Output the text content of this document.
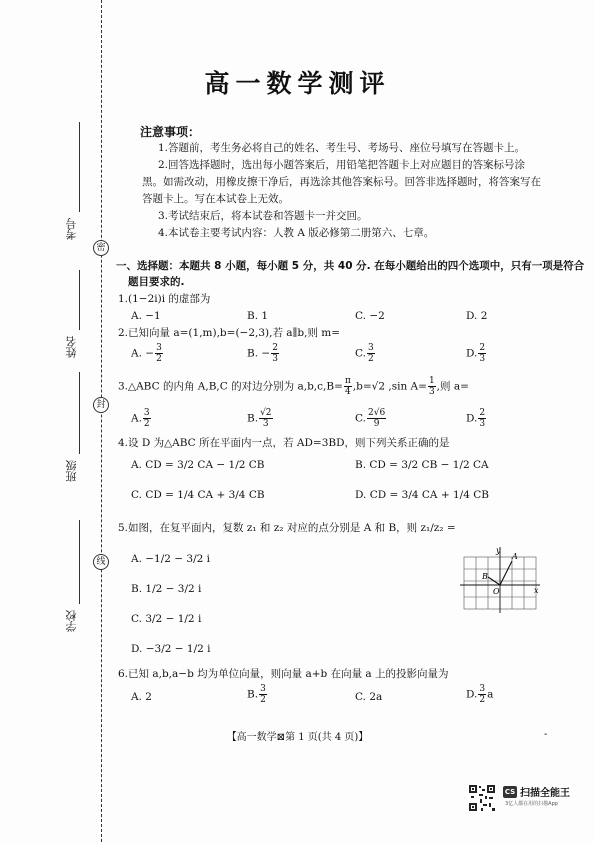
密
封
线
考号
姓名
班级
学校
高一数学测评
注意事项：

1.答题前，考生务必将自己的姓名、考生号、考场号、座位号填写在答题卡上。

2.回答选择题时，选出每小题答案后，用铅笔把答题卡上对应题目的答案标号涂

黑。如需改动，用橡皮擦干净后，再选涂其他答案标号。回答非选择题时，将答案写在

答题卡上。写在本试卷上无效。

3.考试结束后，将本试卷和答题卡一并交回。

4.本试卷主要考试内容：人教 A 版必修第二册第六、七章。

一、选择题：本题共 8 小题，每小题 5 分，共 40 分. 在每小题给出的四个选项中，只有一项是符合
题目要求的.
1.(1−2i)i 的虚部为
A. −1	B. 1	C. −2	D. 2
2.已知向量 a=(1,m),b=(−2,3),若 a∥b,则 m=
A. − $\frac{3}{2}$	B. − $\frac{2}{3}$	C. $\frac{3}{2}$	D. $\frac{2}{3}$
3.△ABC 的内角 A,B,C 的对边分别为 $a,b,c,B= \frac{\pi}{4} ,b=√2$ ,sin $A= \frac{1}{3}$ ,则 a=
A. $\frac{3}{2}$	B. $\frac{√2}{3}$	C. $\frac{2√6}{9}$	D. $\frac{2}{3}$
4.设 D 为△ABC 所在平面内一点，若 AD=3BD，则下列关系正确的是
A. CD = 3/2 CA − 1/2 CB	B. CD = 3/2 CB − 1/2 CA
C. CD = 1/4 CA + 3/4 CB	D. CD = 3/4 CA + 1/4 CB
5.如图，在复平面内，复数 z₁ 和 z₂ 对应的点分别是 A 和 B，则 z₁/z₂ =
A. −1/2 − 3/2 i
B. 1/2 − 3/2 i
C. 3/2 − 1/2 i
D. −3/2 − 1/2 i
y
x
A
B
O
6.已知 a,b,a−b 均为单位向量，则向量 a+b 在向量 a 上的投影向量为
A. 2	B. $\frac{3}{2}$	C. 2a	D. $\frac{3}{2}$ a
【高一数学⊠第 1 页(共 4 页)】	-
CS 扫描全能王
3亿人都在用的扫描App
